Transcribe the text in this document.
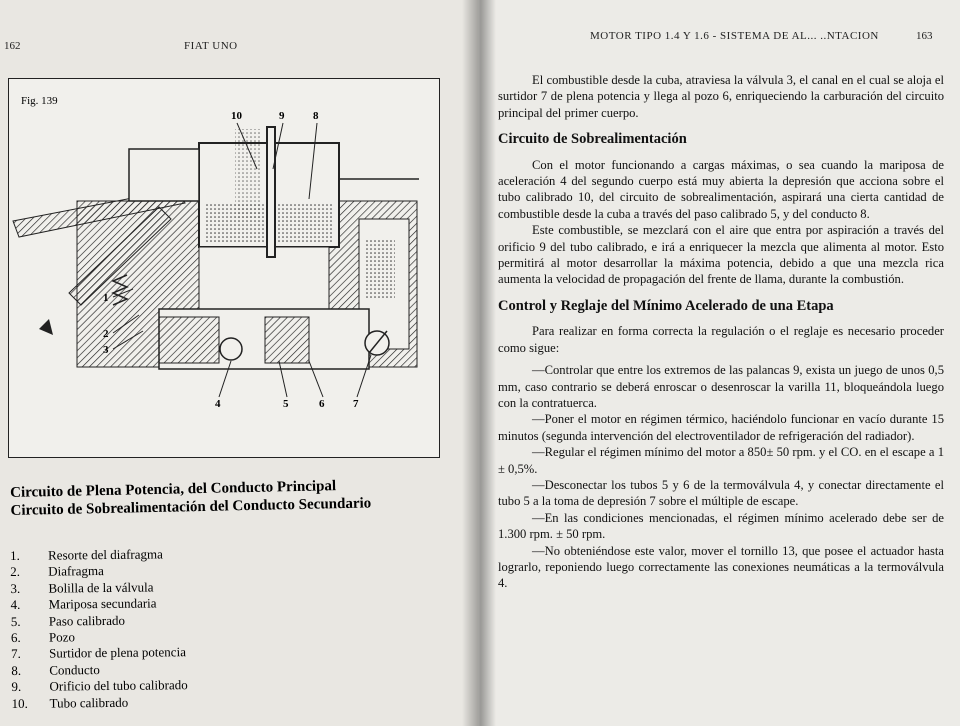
162	FIAT UNO
Fig. 139
10	9	8
1
2
3
4	5	6	7
Circuito de Plena Potencia, del Conducto Principal
Circuito de Sobrealimentación del Conducto Secundario
1.	Resorte del diafragma
2.	Diafragma
3.	Bolilla de la válvula
4.	Mariposa secundaria
5.	Paso calibrado
6.	Pozo
7.	Surtidor de plena potencia
8.	Conducto
9.	Orificio del tubo calibrado
10.	Tubo calibrado
MOTOR TIPO 1.4 Y 1.6 - SISTEMA DE AL... ..NTACION	163

El combustible desde la cuba, atraviesa la válvula 3, el canal en el cual se aloja el surtidor 7 de plena potencia y llega al pozo 6, enriqueciendo la carburación del circuito principal del primer cuerpo.

Circuito de Sobrealimentación

Con el motor funcionando a cargas máximas, o sea cuando la mariposa de aceleración 4 del segundo cuerpo está muy abierta la depresión que acciona sobre el tubo calibrado 10, del circuito de sobrealimentación, aspirará una cierta cantidad de combustible desde la cuba a través del paso calibrado 5, y del conducto 8.

Este combustible, se mezclará con el aire que entra por aspiración a través del orificio 9 del tubo calibrado, e irá a enriquecer la mezcla que alimenta al motor. Esto permitirá al motor desarrollar la máxima potencia, debido a que una mezcla rica aumenta la velocidad de propagación del frente de llama, durante la combustión.

Control y Reglaje del Mínimo Acelerado de una Etapa

Para realizar en forma correcta la regulación o el reglaje es necesario proceder como sigue:

—Controlar que entre los extremos de las palancas 9, exista un juego de unos 0,5 mm, caso contrario se deberá enroscar o desenroscar la varilla 11, bloqueándola luego con la contratuerca.

—Poner el motor en régimen térmico, haciéndolo funcionar en vacío durante 15 minutos (segunda intervención del electroventilador de refrigeración del radiador).

—Regular el régimen mínimo del motor a 850± 50 rpm. y el CO. en el escape a 1 ± 0,5%.

—Desconectar los tubos 5 y 6 de la termoválvula 4, y conectar directamente el tubo 5 a la toma de depresión 7 sobre el múltiple de escape.

—En las condiciones mencionadas, el régimen mínimo acelerado debe ser de 1.300 rpm. ± 50 rpm.

—No obteniéndose este valor, mover el tornillo 13, que posee el actuador hasta lograrlo, reponiendo luego correctamente las conexiones neumáticas a la termoválvula 4.
